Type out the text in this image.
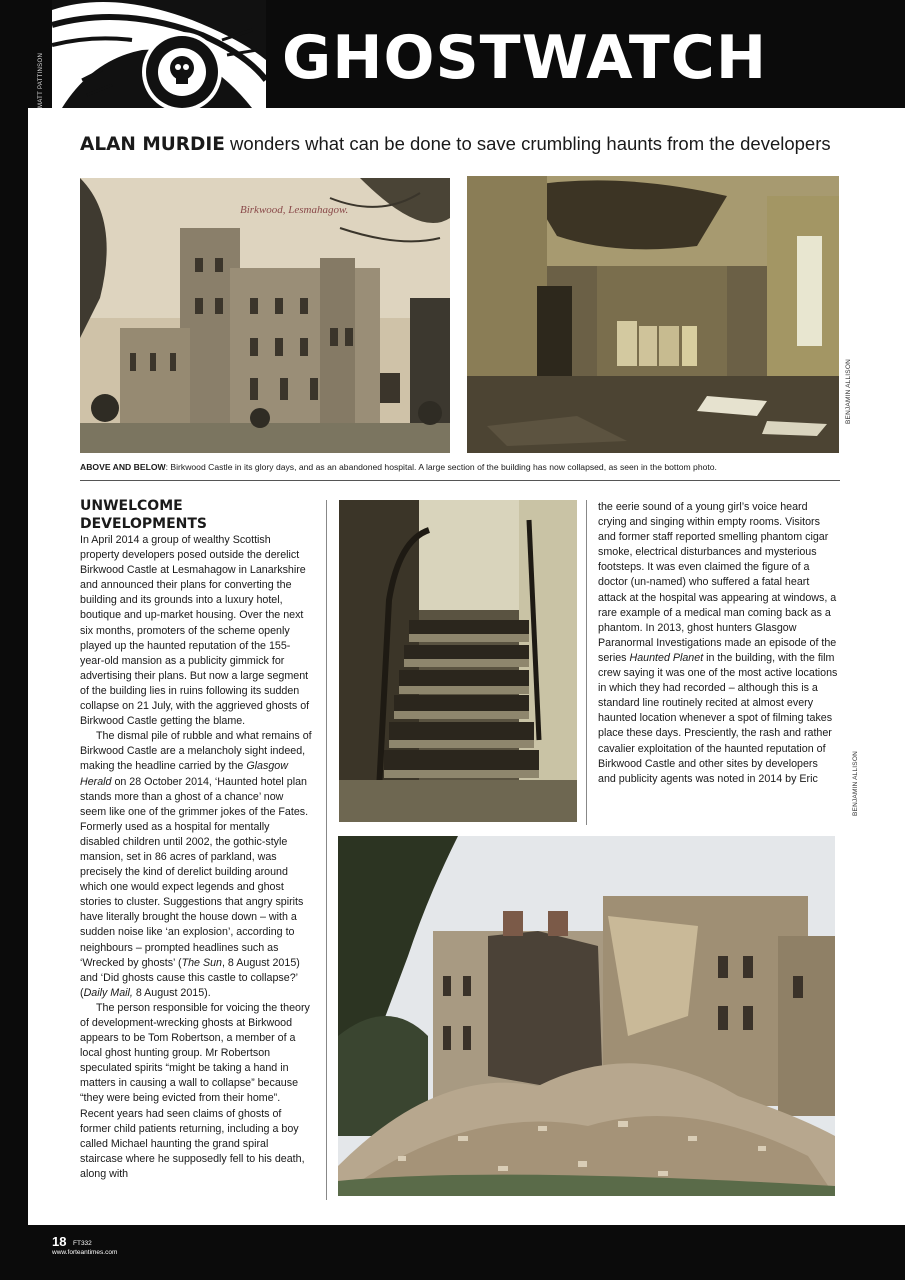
MATT PATTINSON	GHOSTWATCH
ALAN MURDIE wonders what can be done to save crumbling haunts from the developers
Birkwood, Lesmahagow.
BENJAMIN ALLISON
ABOVE AND BELOW: Birkwood Castle in its glory days, and as an abandoned hospital. A large section of the building has now collapsed, as seen in the bottom photo.

UNWELCOME DEVELOPMENTS

In April 2014 a group of wealthy Scottish property developers posed outside the derelict Birkwood Castle at Lesmahagow in Lanarkshire and announced their plans for converting the building and its grounds into a luxury hotel, boutique and up-market housing. Over the next six months, promoters of the scheme openly played up the haunted reputation of the 155-year-old mansion as a publicity gimmick for advertising their plans. But now a large segment of the building lies in ruins following its sudden collapse on 21 July, with the aggrieved ghosts of Birkwood Castle getting the blame.

The dismal pile of rubble and what remains of Birkwood Castle are a melancholy sight indeed, making the headline carried by the Glasgow Herald on 28 October 2014, ‘Haunted hotel plan stands more than a ghost of a chance’ now seem like one of the grimmer jokes of the Fates. Formerly used as a hospital for mentally disabled children until 2002, the gothic-style mansion, set in 86 acres of parkland, was precisely the kind of derelict building around which one would expect legends and ghost stories to cluster. Suggestions that angry spirits have literally brought the house down – with a sudden noise like ‘an explosion’, according to neighbours – prompted headlines such as ‘Wrecked by ghosts’ (The Sun, 8 August 2015) and ‘Did ghosts cause this castle to collapse?’ (Daily Mail, 8 August 2015).

The person responsible for voicing the theory of development-wrecking ghosts at Birkwood appears to be Tom Robertson, a member of a local ghost hunting group. Mr Robertson speculated spirits “might be taking a hand in matters in causing a wall to collapse” because “they were being evicted from their home”. Recent years had seen claims of ghosts of former child patients returning, including a boy called Michael haunting the grand spiral staircase where he supposedly fell to his death, along with

the eerie sound of a young girl’s voice heard crying and singing within empty rooms. Visitors and former staff reported smelling phantom cigar smoke, electrical disturbances and mysterious footsteps. It was even claimed the figure of a doctor (un-named) who suffered a fatal heart attack at the hospital was appearing at windows, a rare example of a medical man coming back as a phantom. In 2013, ghost hunters Glasgow Paranormal Investigations made an episode of the series Haunted Planet in the building, with the film crew saying it was one of the most active locations in which they had recorded – although this is a standard line routinely recited at almost every haunted location whenever a spot of filming takes place these days. Presciently, the rash and rather cavalier exploitation of the haunted reputation of Birkwood Castle and other sites by developers and publicity agents was noted in 2014 by Eric	BENJAMIN ALLISON
18 FT332
www.forteantimes.com
